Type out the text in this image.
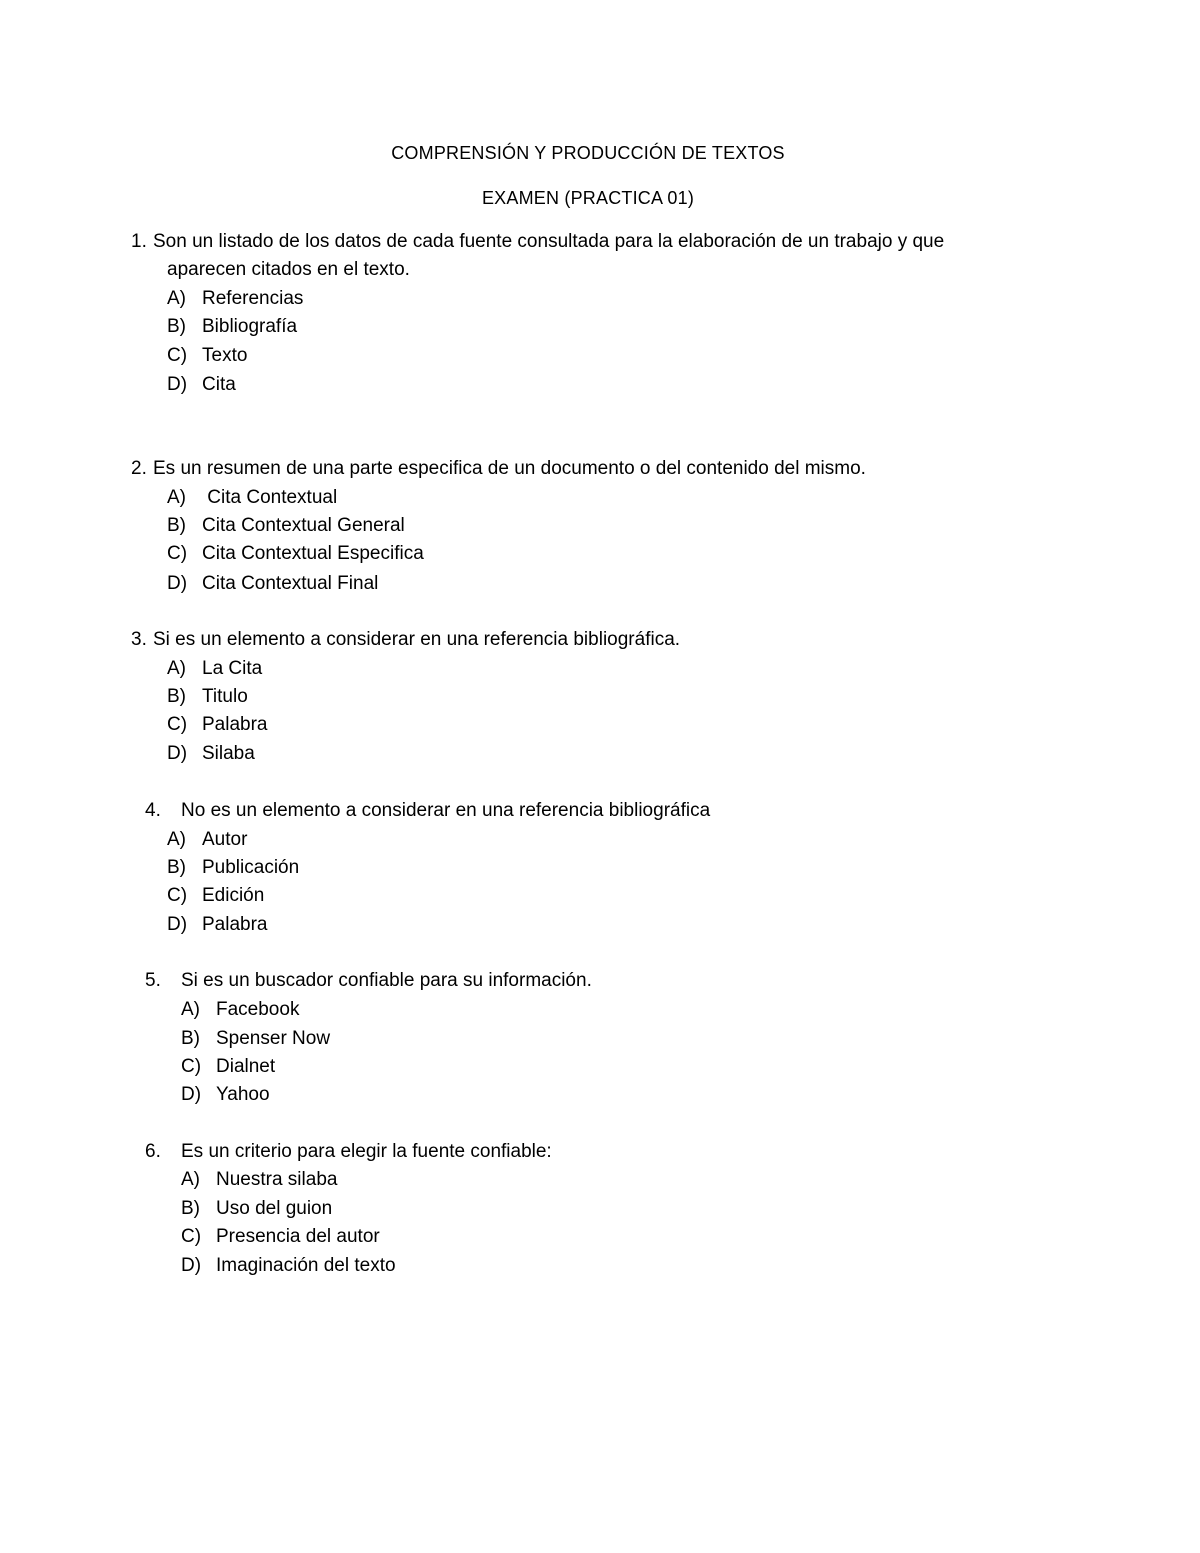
COMPRENSIÓN Y PRODUCCIÓN DE TEXTOS
EXAMEN (PRACTICA 01)
1. Son un listado de los datos de cada fuente consultada para la elaboración de un trabajo y que
aparecen citados en el texto.
A) Referencias
B) Bibliografía
C) Texto
D) Cita
2. Es un resumen de una parte especifica de un documento o del contenido del mismo.
A) Cita Contextual
B) Cita Contextual General
C) Cita Contextual Especifica
D) Cita Contextual Final
3. Si es un elemento a considerar en una referencia bibliográfica.
A) La Cita
B) Titulo
C) Palabra
D) Silaba
4. No es un elemento a considerar en una referencia bibliográfica
A) Autor
B) Publicación
C) Edición
D) Palabra
5. Si es un buscador confiable para su información.
A) Facebook
B) Spenser Now
C) Dialnet
D) Yahoo
6. Es un criterio para elegir la fuente confiable:
A) Nuestra silaba
B) Uso del guion
C) Presencia del autor
D) Imaginación del texto
